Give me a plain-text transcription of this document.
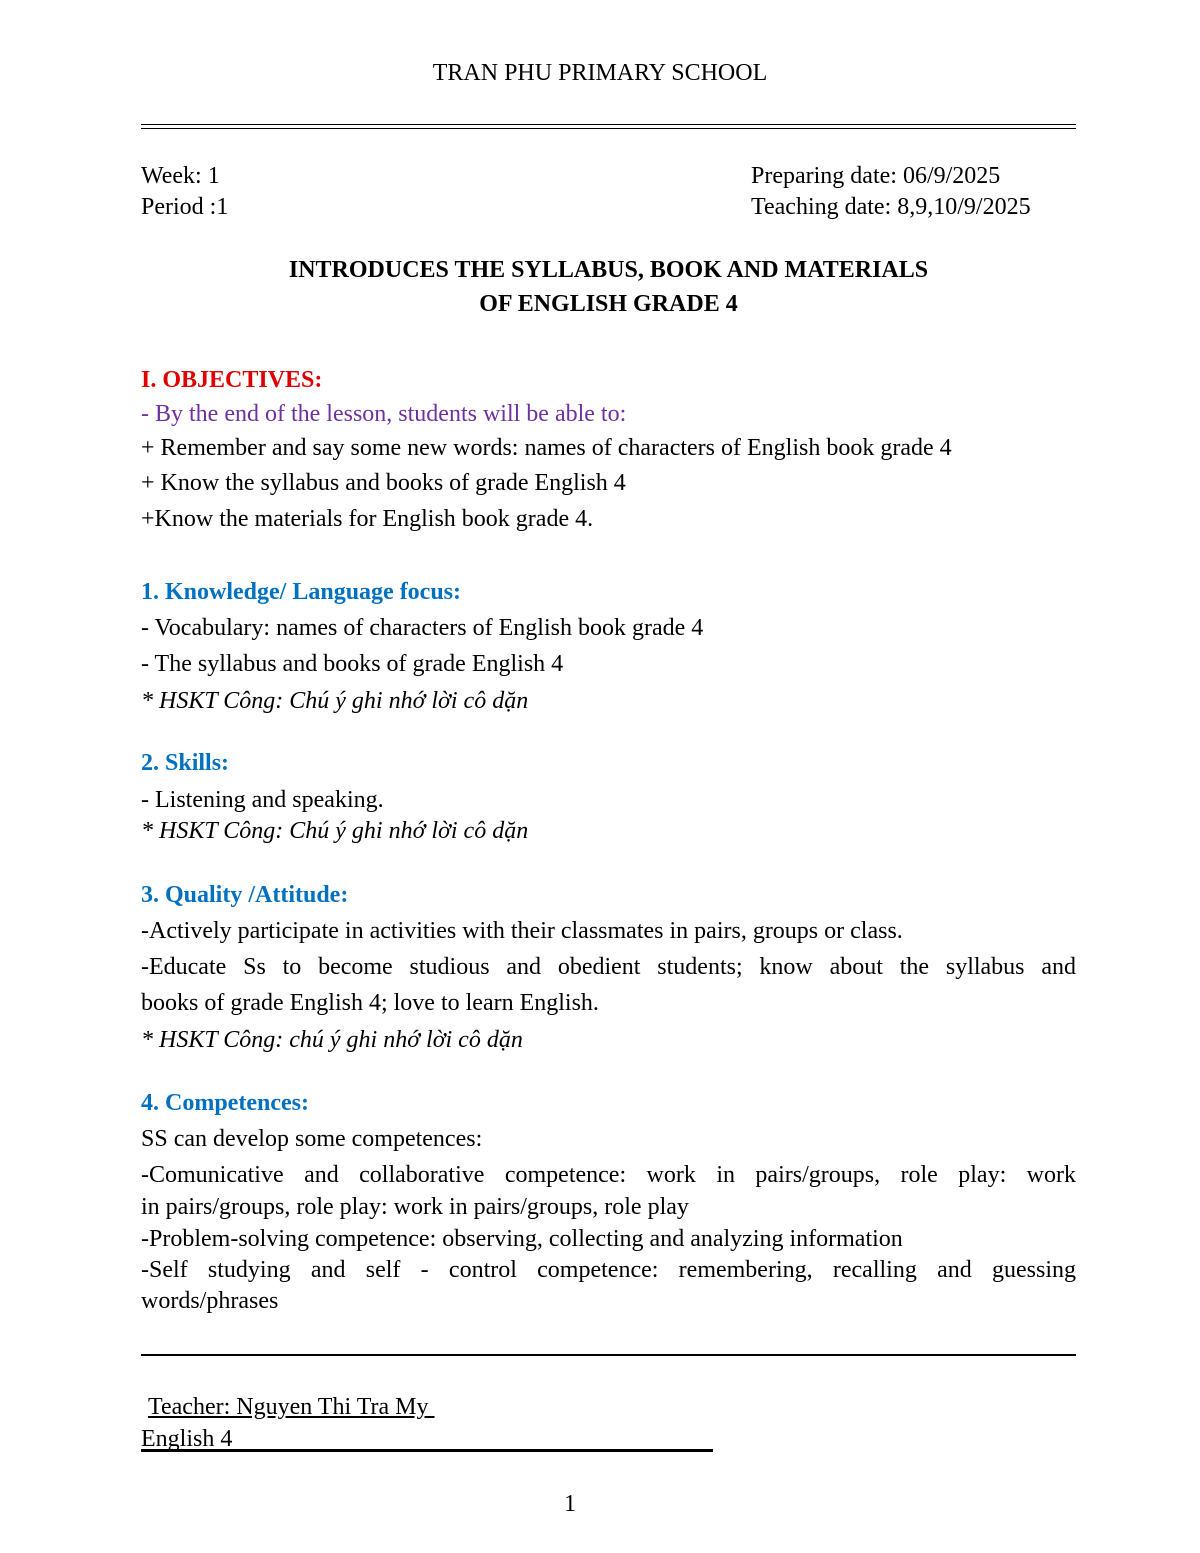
TRAN PHU PRIMARY SCHOOL
Week: 1
Period :1
Preparing date: 06/9/2025
Teaching date: 8,9,10/9/2025
INTRODUCES THE SYLLABUS, BOOK AND MATERIALS
OF ENGLISH GRADE 4
I. OBJECTIVES:
- By the end of the lesson, students will be able to:
+ Remember and say some new words: names of characters of English book grade 4
+ Know the syllabus and books of grade English 4
+Know the materials for English book grade 4.
1. Knowledge/ Language focus:
- Vocabulary: names of characters of English book grade 4
- The syllabus and books of grade English 4
* HSKT Công: Chú ý ghi nhớ lời cô dặn
2. Skills:
- Listening and speaking.
* HSKT Công: Chú ý ghi nhớ lời cô dặn
3. Quality /Attitude:
-Actively participate in activities with their classmates in pairs, groups or class.
-Educate Ss to become studious and obedient students; know about the syllabus and
books of grade English 4; love to learn English.
* HSKT Công: chú ý ghi nhớ lời cô dặn
4. Competences:
SS can develop some competences:
-Comunicative and collaborative competence: work in pairs/groups, role play: work
in pairs/groups, role play: work in pairs/groups, role play
-Problem-solving competence: observing, collecting and analyzing information
-Self studying and self - control competence: remembering, recalling and guessing
words/phrases
Teacher: Nguyen Thi Tra My
English 4
1
